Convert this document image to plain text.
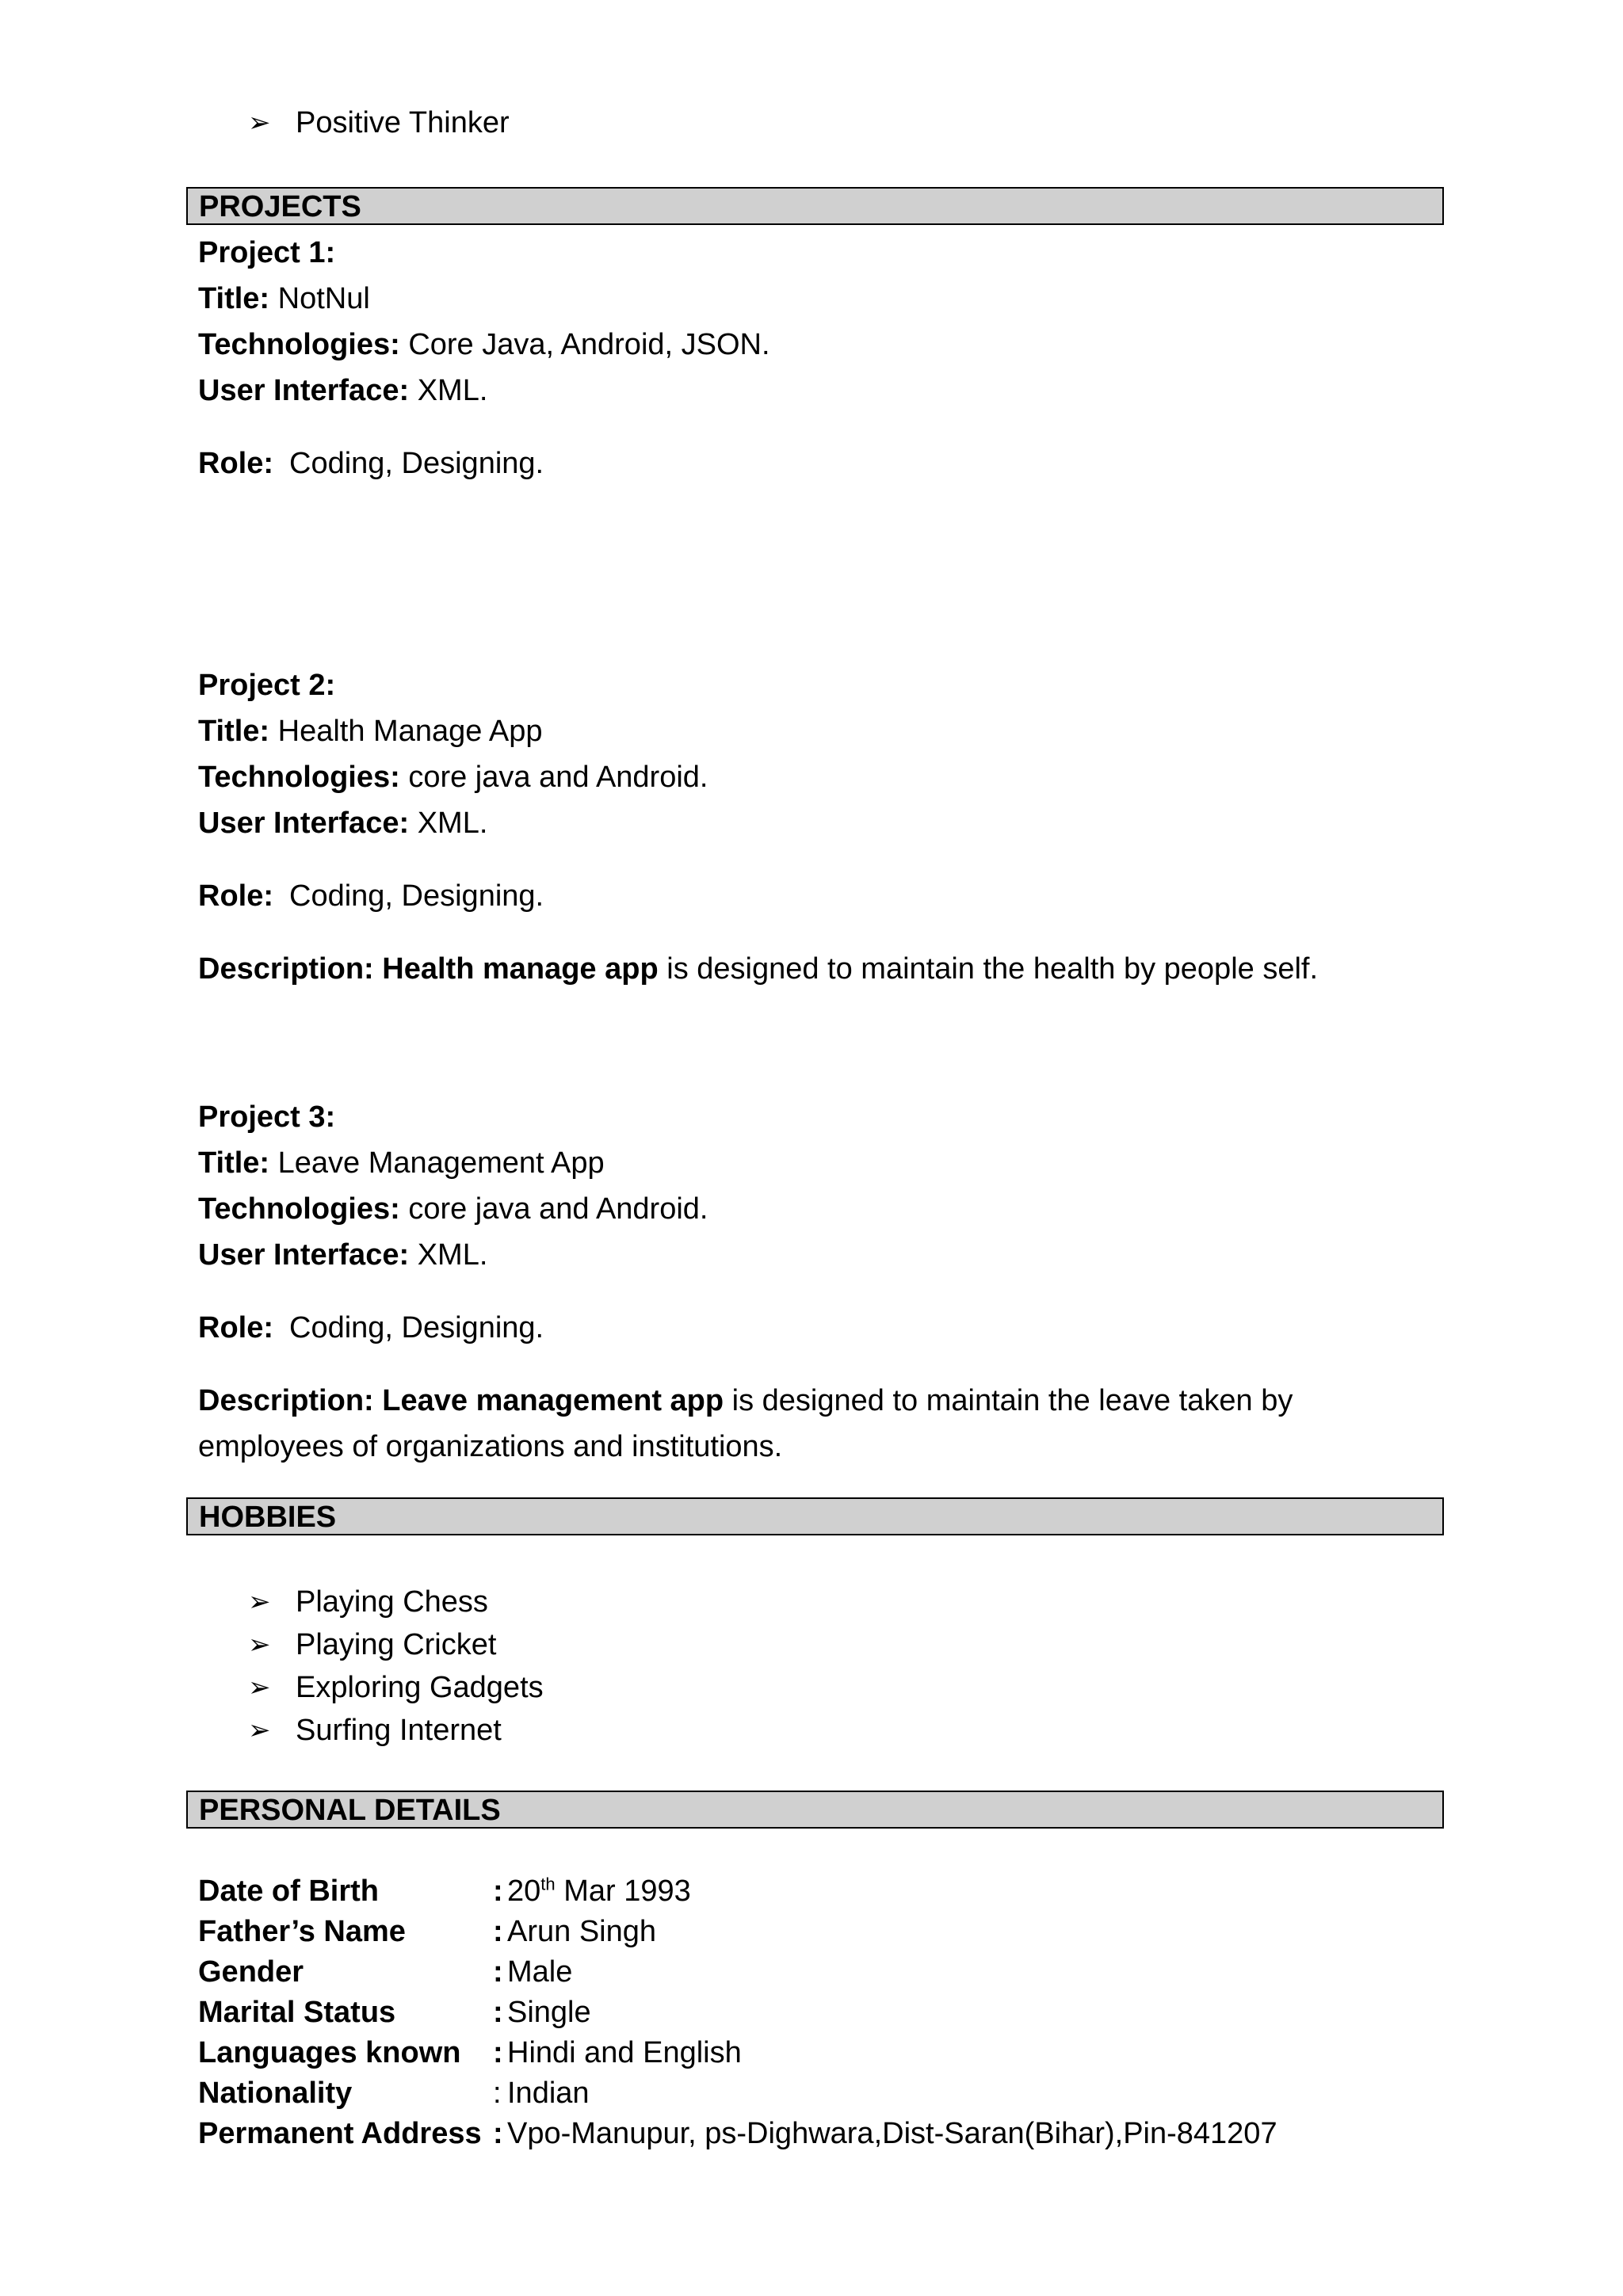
➢ Positive Thinker
PROJECTS
Project 1:
Title: NotNul
Technologies: Core Java, Android, JSON.
User Interface: XML.
Role: Coding, Designing.
Project 2:
Title: Health Manage App
Technologies: core java and Android.
User Interface: XML.
Role: Coding, Designing.
Description: Health manage app is designed to maintain the health by people self.
Project 3:
Title: Leave Management App
Technologies: core java and Android.
User Interface: XML.
Role: Coding, Designing.
Description: Leave management app is designed to maintain the leave taken by employees of organizations and institutions.
HOBBIES
➢ Playing Chess
➢ Playing Cricket
➢ Exploring Gadgets
➢ Surfing Internet
PERSONAL DETAILS
Date of Birth	: 20th Mar 1993
Father’s Name	: Arun Singh
Gender	: Male
Marital Status	: Single
Languages known	: Hindi and English
Nationality	: Indian
Permanent Address : Vpo-Manupur, ps-Dighwara,Dist-Saran(Bihar),Pin-841207
